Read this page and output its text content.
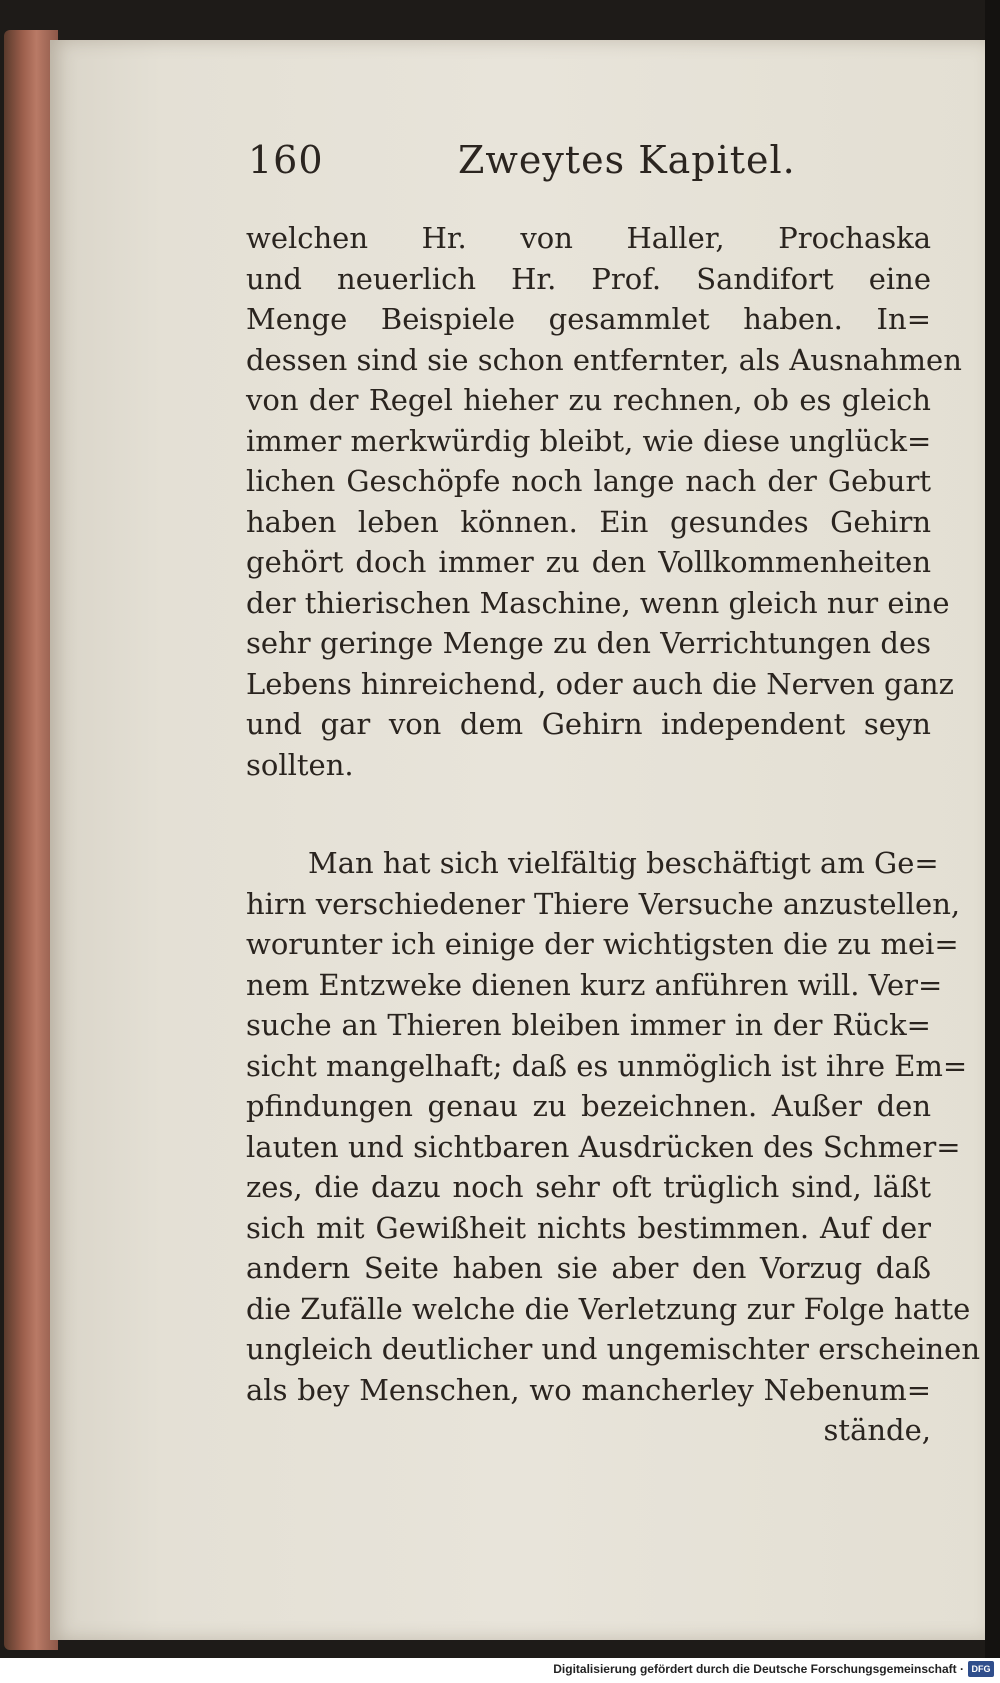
160	Zweytes Kapitel.
welchen Hr. von Haller, Prochaska
und neuerlich Hr. Prof. Sandifort eine
Menge Beispiele gesammlet haben. In=
dessen sind sie schon entfernter, als Ausnahmen
von der Regel hieher zu rechnen, ob es gleich
immer merkwürdig bleibt, wie diese unglück=
lichen Geschöpfe noch lange nach der Geburt
haben leben können. Ein gesundes Gehirn
gehört doch immer zu den Vollkommenheiten
der thierischen Maschine, wenn gleich nur eine
sehr geringe Menge zu den Verrichtungen des
Lebens hinreichend, oder auch die Nerven ganz
und gar von dem Gehirn independent seyn
sollten.
Man hat sich vielfältig beschäftigt am Ge=
hirn verschiedener Thiere Versuche anzustellen,
worunter ich einige der wichtigsten die zu mei=
nem Entzweke dienen kurz anführen will. Ver=
suche an Thieren bleiben immer in der Rück=
sicht mangelhaft; daß es unmöglich ist ihre Em=
pfindungen genau zu bezeichnen. Außer den
lauten und sichtbaren Ausdrücken des Schmer=
zes, die dazu noch sehr oft trüglich sind, läßt
sich mit Gewißheit nichts bestimmen. Auf der
andern Seite haben sie aber den Vorzug daß
die Zufälle welche die Verletzung zur Folge hatte
ungleich deutlicher und ungemischter erscheinen
als bey Menschen, wo mancherley Nebenum=
stände,
Digitalisierung gefördert durch die Deutsche Forschungsgemeinschaft · DFG
